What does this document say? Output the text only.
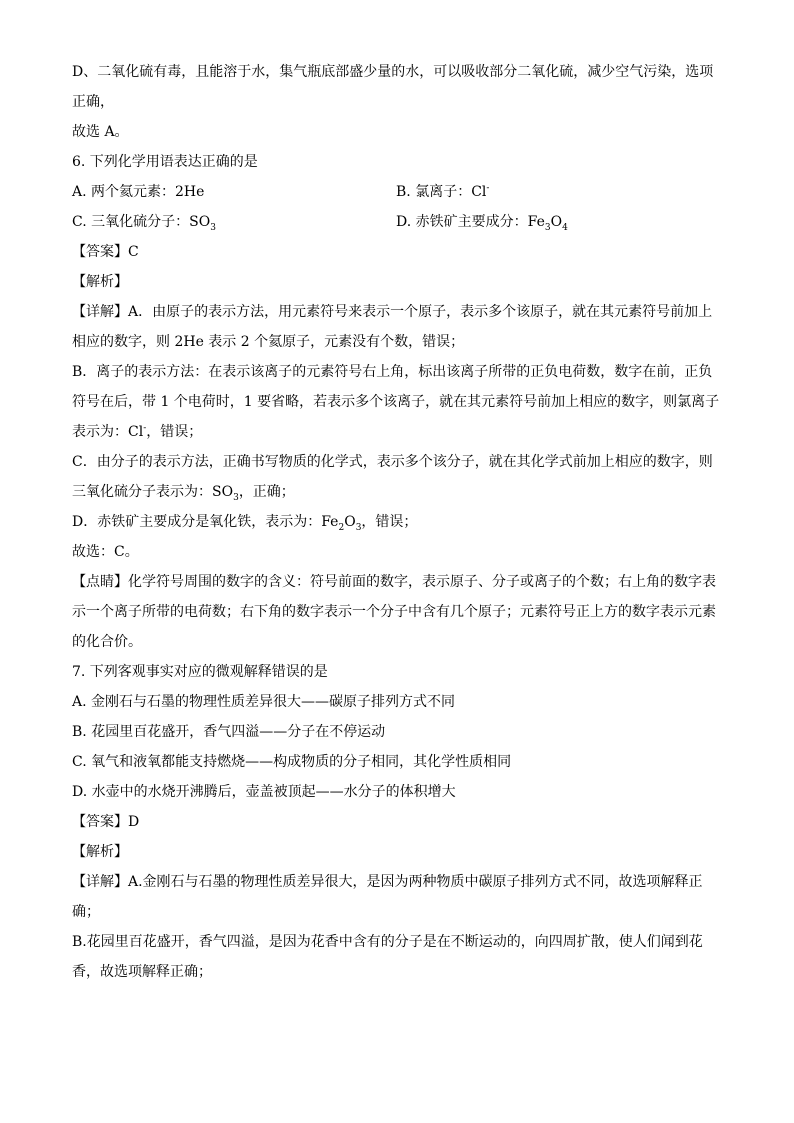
D、二氧化硫有毒，且能溶于水，集气瓶底部盛少量的水，可以吸收部分二氧化硫，减少空气污染，选项
正确，
故选 A。
6. 下列化学用语表达正确的是
A. 两个氦元素：2He	B. 氯离子：Cl-
C. 三氧化硫分子：$SO_3$	D. 赤铁矿主要成分：$Fe_3O_4$
【答案】C
【解析】
【详解】A．由原子的表示方法，用元素符号来表示一个原子，表示多个该原子，就在其元素符号前加上
相应的数字，则 2He 表示 2 个氦原子，元素没有个数，错误；
B．离子的表示方法：在表示该离子的元素符号右上角，标出该离子所带的正负电荷数，数字在前，正负
符号在后，带 1 个电荷时，1 要省略，若表示多个该离子，就在其元素符号前加上相应的数字，则氯离子
表示为：Cl-，错误；
C．由分子的表示方法，正确书写物质的化学式，表示多个该分子，就在其化学式前加上相应的数字，则
三氧化硫分子表示为：$SO_3$，正确；
D．赤铁矿主要成分是氧化铁，表示为：$Fe_2O_3$，错误；
故选：C。
【点睛】化学符号周围的数字的含义：符号前面的数字，表示原子、分子或离子的个数；右上角的数字表
示一个离子所带的电荷数；右下角的数字表示一个分子中含有几个原子；元素符号正上方的数字表示元素
的化合价。
7. 下列客观事实对应的微观解释错误的是
A. 金刚石与石墨的物理性质差异很大——碳原子排列方式不同
B. 花园里百花盛开，香气四溢——分子在不停运动
C. 氧气和液氧都能支持燃烧——构成物质的分子相同，其化学性质相同
D. 水壶中的水烧开沸腾后，壶盖被顶起——水分子的体积增大
【答案】D
【解析】
【详解】A.金刚石与石墨的物理性质差异很大，是因为两种物质中碳原子排列方式不同，故选项解释正
确；
B.花园里百花盛开，香气四溢，是因为花香中含有的分子是在不断运动的，向四周扩散，使人们闻到花
香，故选项解释正确；
